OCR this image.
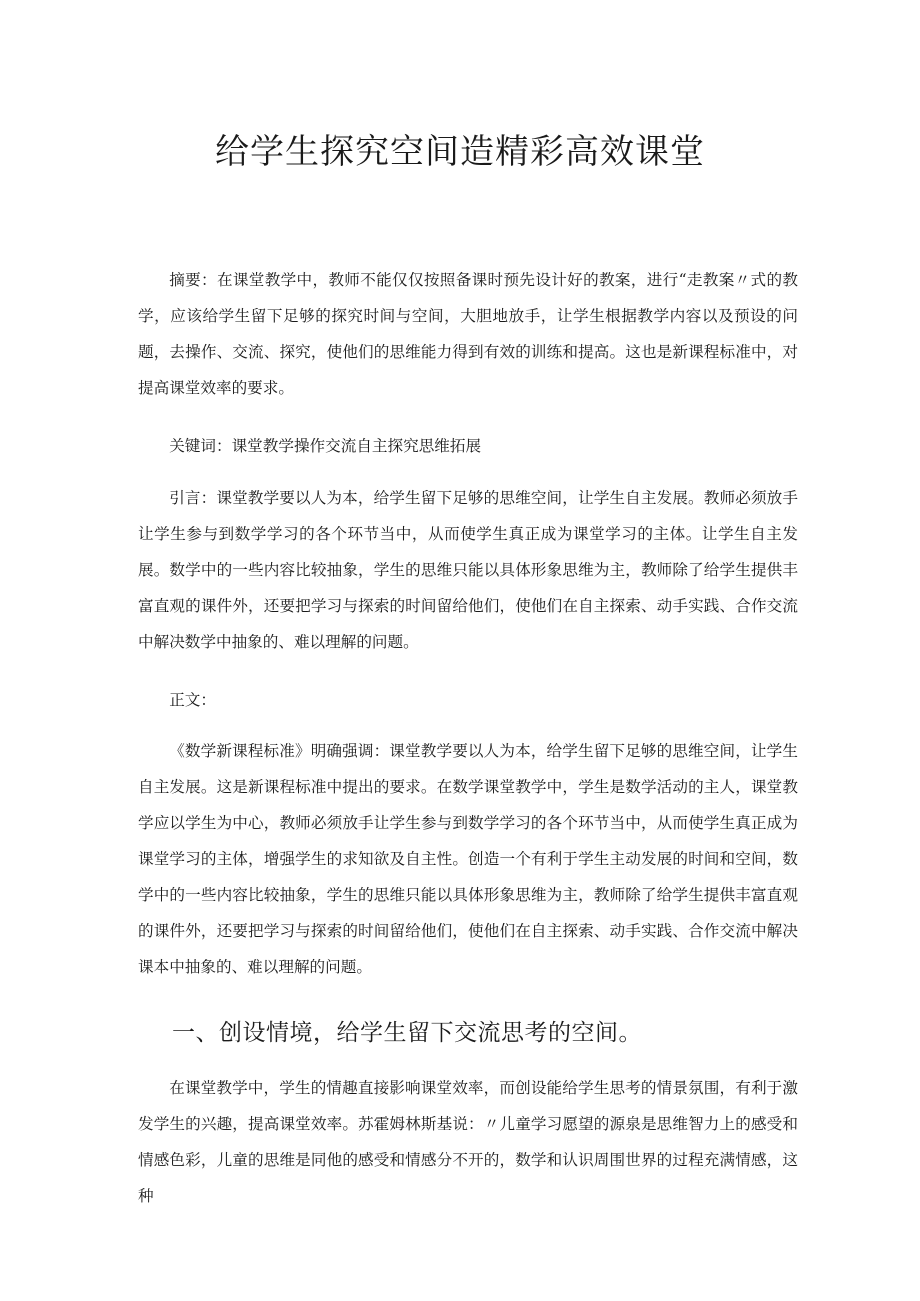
给学生探究空间造精彩高效课堂

摘要：在课堂教学中，教师不能仅仅按照备课时预先设计好的教案，进行“走教案〃式的教学，应该给学生留下足够的探究时间与空间，大胆地放手，让学生根据教学内容以及预设的问题，去操作、交流、探究，使他们的思维能力得到有效的训练和提高。这也是新课程标准中，对提高课堂效率的要求。

关键词：课堂教学操作交流自主探究思维拓展

引言：课堂教学要以人为本，给学生留下足够的思维空间，让学生自主发展。教师必须放手让学生参与到数学学习的各个环节当中，从而使学生真正成为课堂学习的主体。让学生自主发展。数学中的一些内容比较抽象，学生的思维只能以具体形象思维为主，教师除了给学生提供丰富直观的课件外，还要把学习与探索的时间留给他们，使他们在自主探索、动手实践、合作交流中解决数学中抽象的、难以理解的问题。

正文：

《数学新课程标准》明确强调：课堂教学要以人为本，给学生留下足够的思维空间，让学生自主发展。这是新课程标准中提出的要求。在数学课堂教学中，学生是数学活动的主人，课堂教学应以学生为中心，教师必须放手让学生参与到数学学习的各个环节当中，从而使学生真正成为课堂学习的主体，增强学生的求知欲及自主性。创造一个有利于学生主动发展的时间和空间，数学中的一些内容比较抽象，学生的思维只能以具体形象思维为主，教师除了给学生提供丰富直观的课件外，还要把学习与探索的时间留给他们，使他们在自主探索、动手实践、合作交流中解决课本中抽象的、难以理解的问题。

一、创设情境，给学生留下交流思考的空间。

在课堂教学中，学生的情趣直接影响课堂效率，而创设能给学生思考的情景氛围，有利于激发学生的兴趣，提高课堂效率。苏霍姆林斯基说：〃儿童学习愿望的源泉是思维智力上的感受和情感色彩，儿童的思维是同他的感受和情感分不开的，数学和认识周围世界的过程充满情感，这种
